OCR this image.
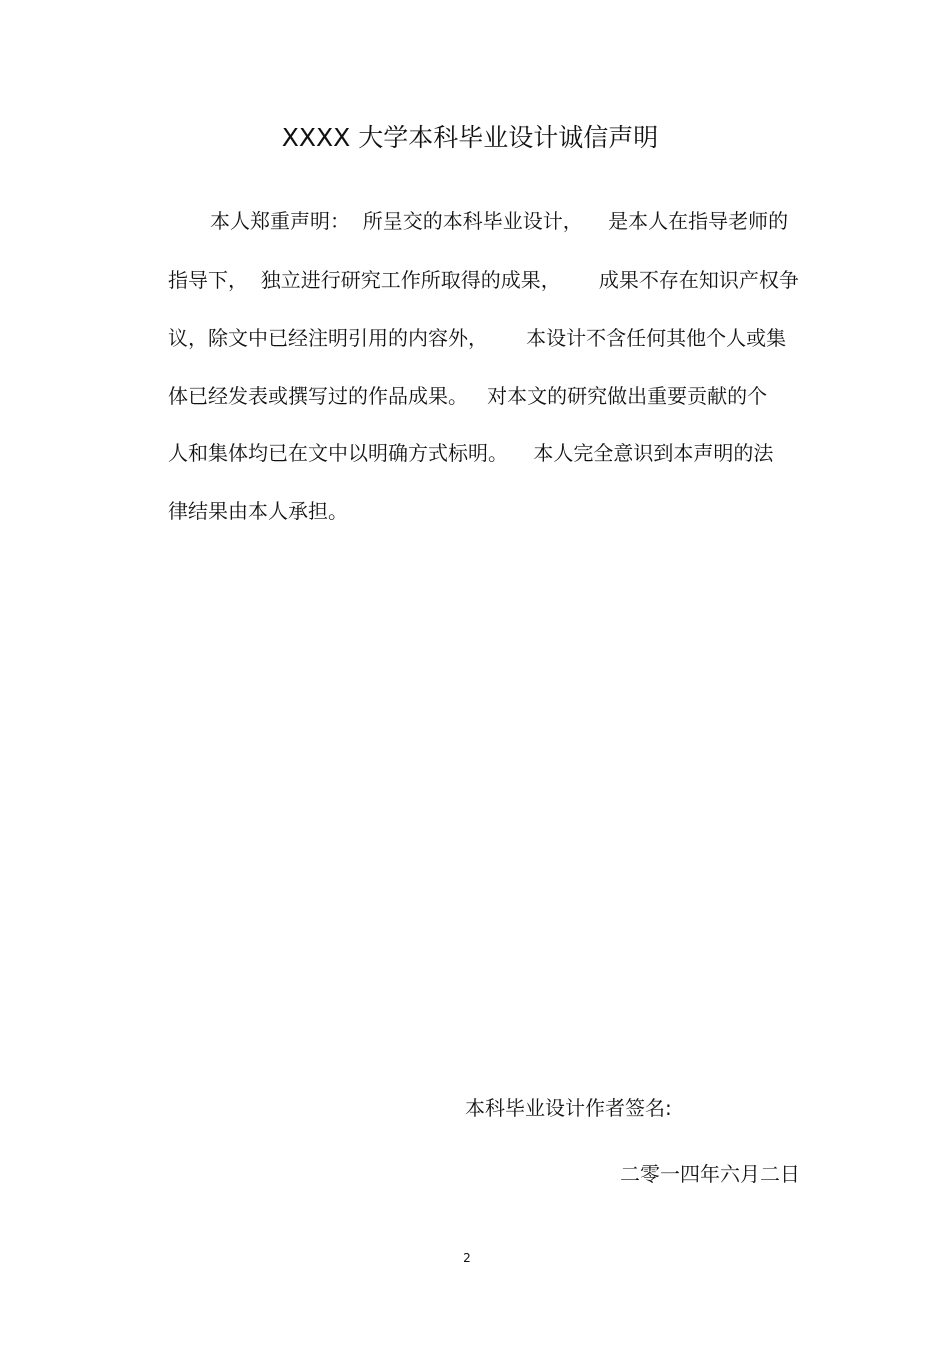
XXXX 大学本科毕业设计诚信声明
本人郑重声明：  所呈交的本科毕业设计，    是本人在指导老师的
指导下，  独立进行研究工作所取得的成果，      成果不存在知识产权争
议，除文中已经注明引用的内容外，      本设计不含任何其他个人或集
体已经发表或撰写过的作品成果。   对本文的研究做出重要贡献的个
人和集体均已在文中以明确方式标明。    本人完全意识到本声明的法
律结果由本人承担。
本科毕业设计作者签名:
二零一四年六月二日
2
